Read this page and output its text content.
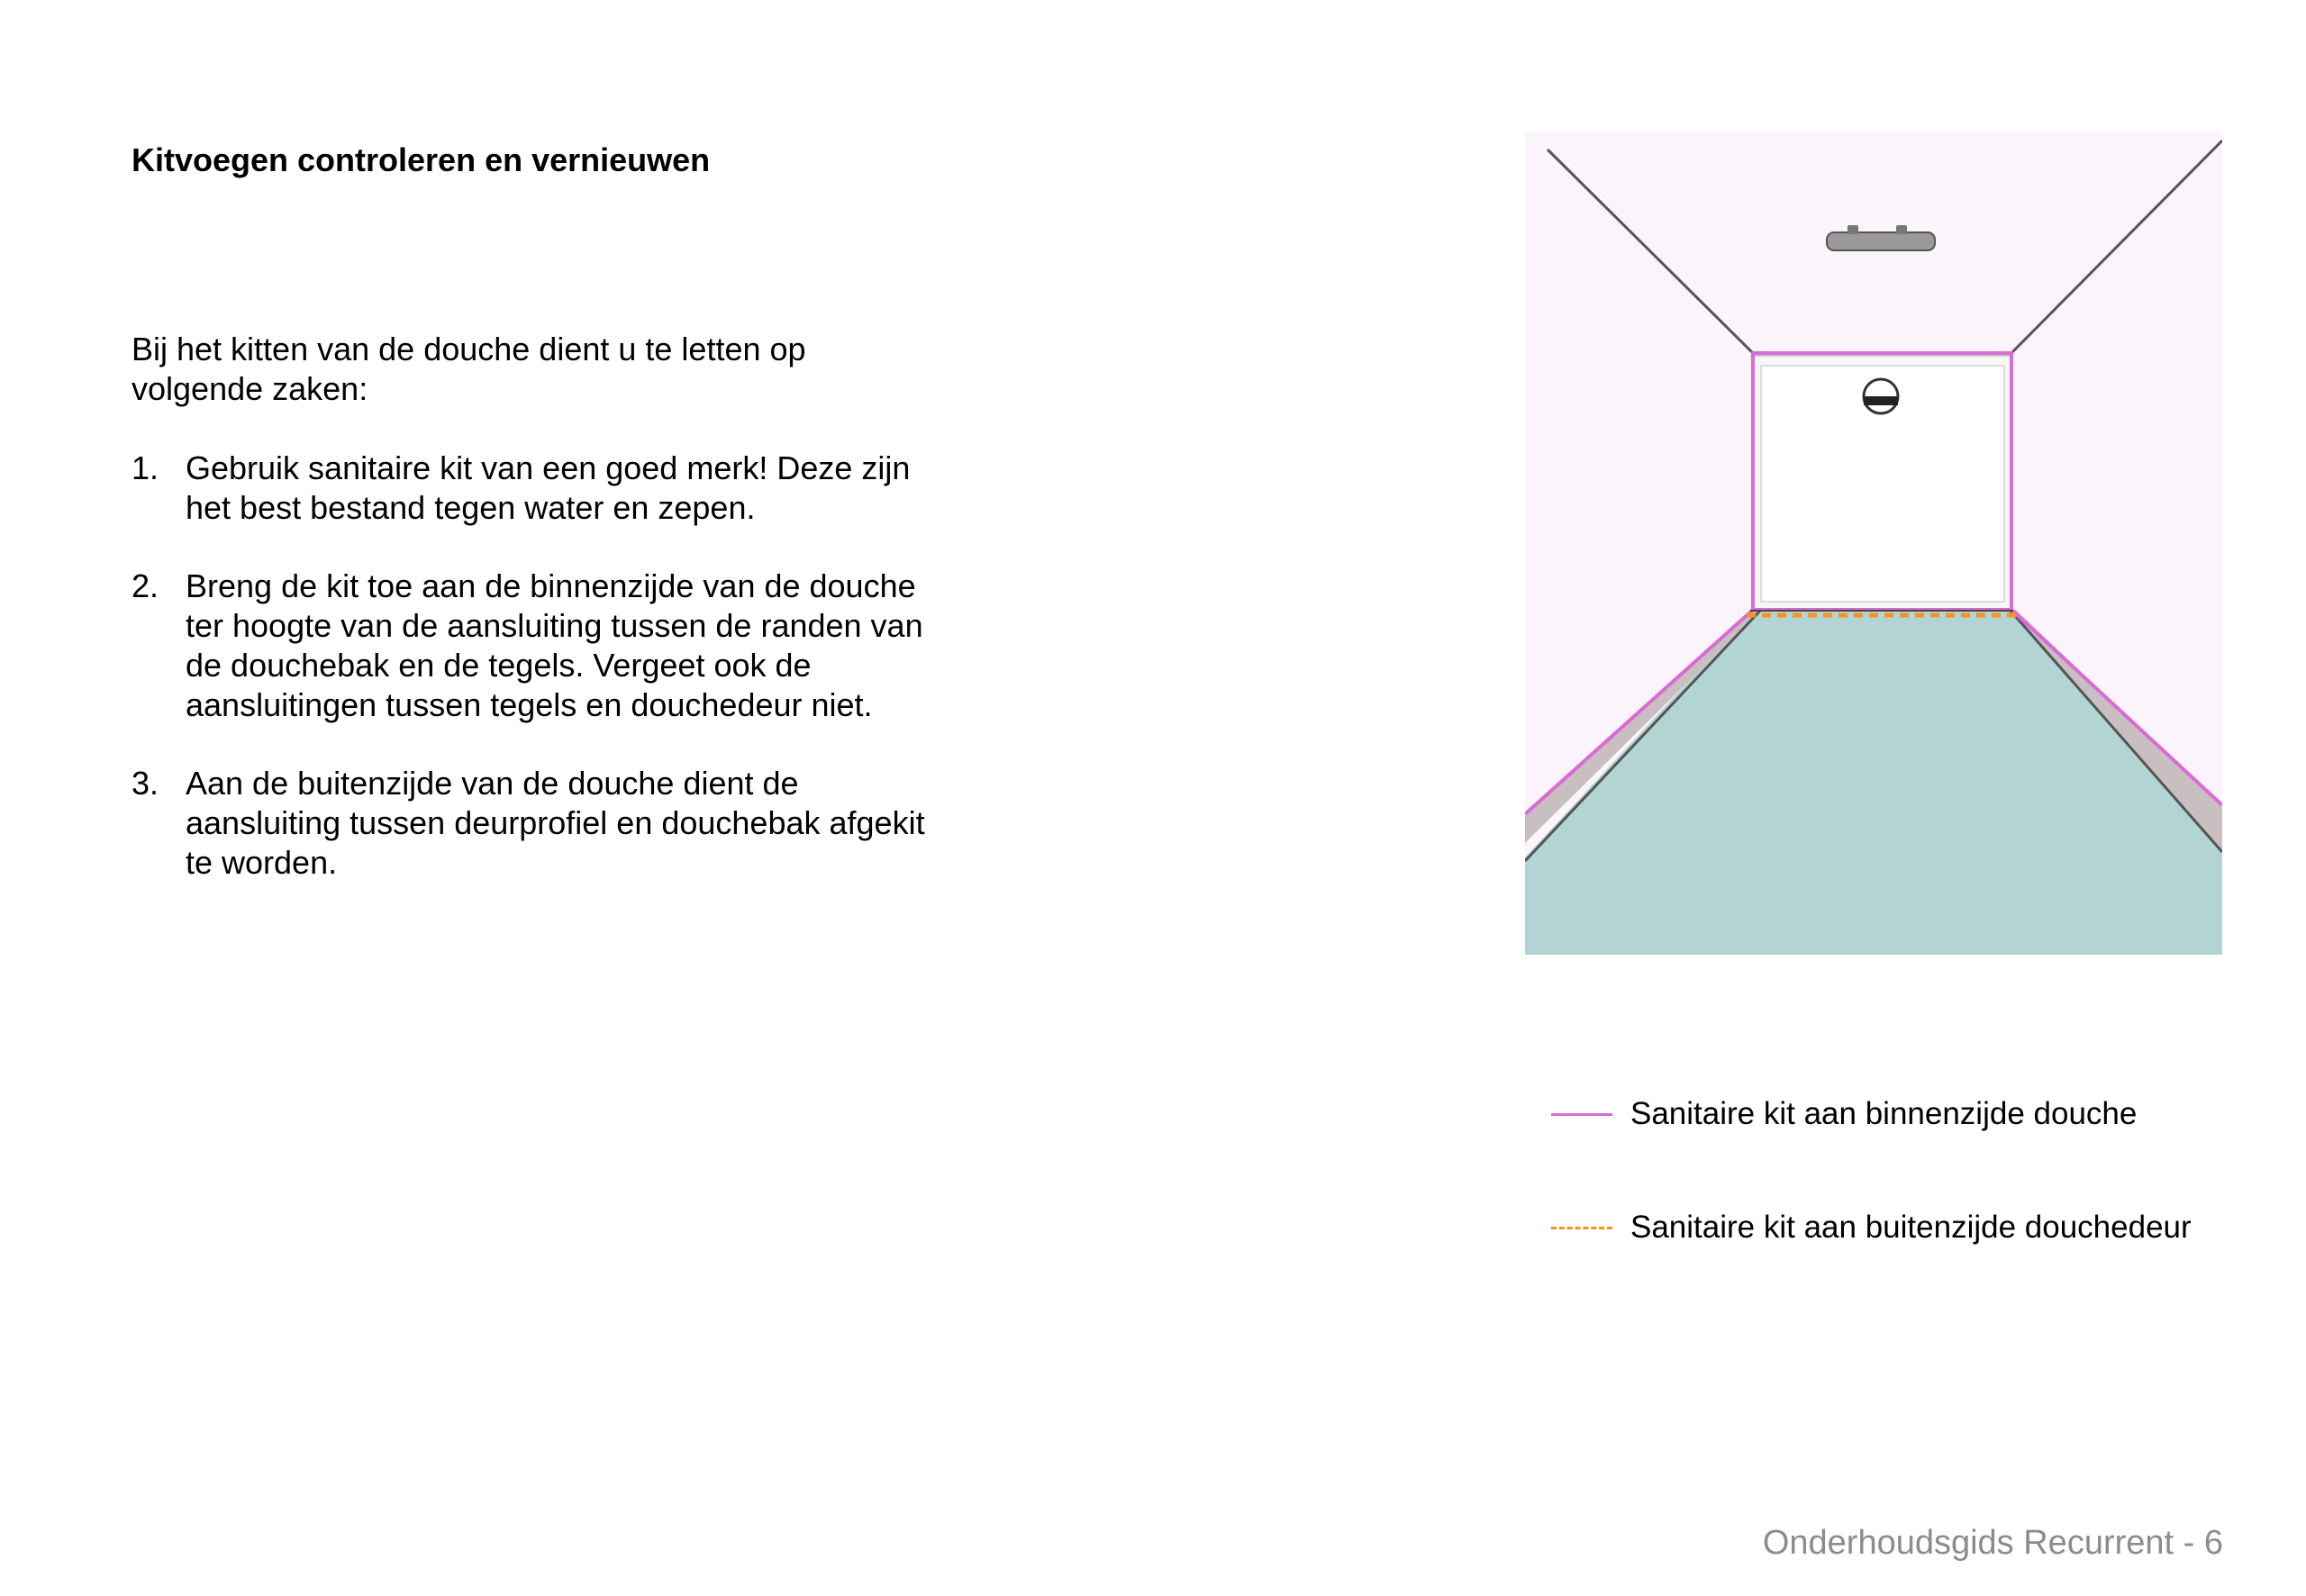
Kitvoegen controleren en vernieuwen

Bij het kitten van de douche dient u te letten op volgende zaken:

1. Gebruik sanitaire kit van een goed merk! Deze zijn het best bestand tegen water en zepen.
2. Breng de kit toe aan de binnenzijde van de douche ter hoogte van de aansluiting tussen de randen van de douchebak en de tegels. Vergeet ook de aansluitingen tussen tegels en douchedeur niet.
3. Aan de buitenzijde van de douche dient de aansluiting tussen deurprofiel en douchebak afgekit te worden.
Sanitaire kit aan binnenzijde douche
Sanitaire kit aan buitenzijde douchedeur
Onderhoudsgids Recurrent - 6
